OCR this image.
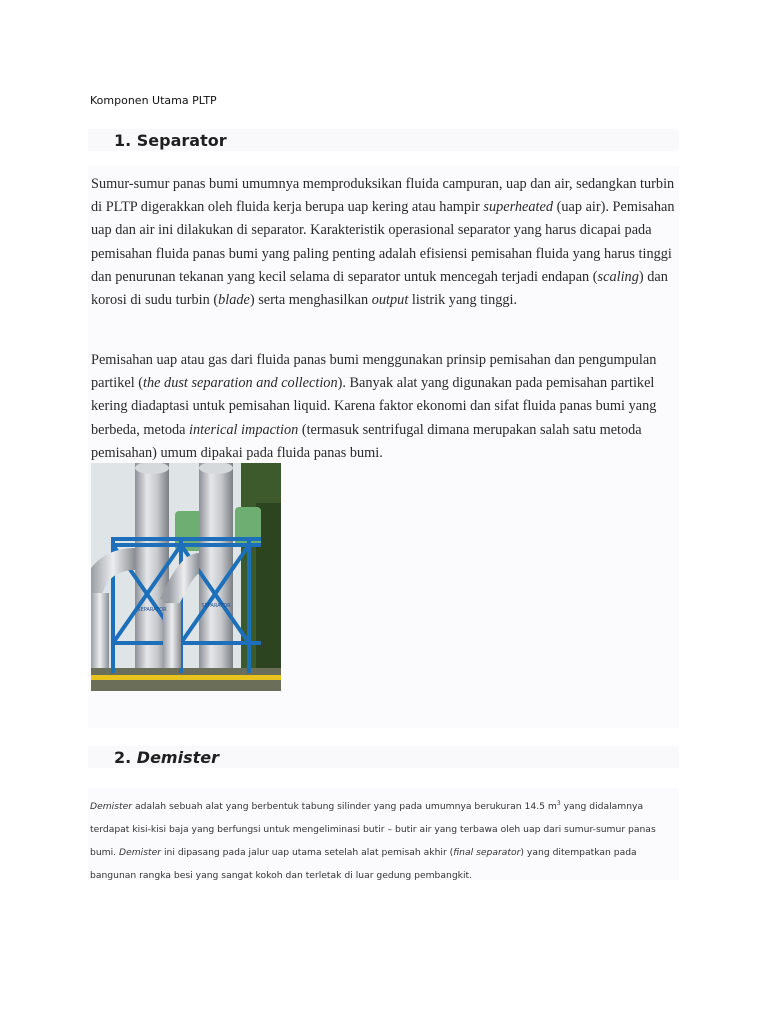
Komponen Utama PLTP
1. Separator

Sumur-sumur panas bumi umumnya memproduksikan fluida campuran, uap dan air, sedangkan turbin di PLTP digerakkan oleh fluida kerja berupa uap kering atau hampir superheated (uap air). Pemisahan uap dan air ini dilakukan di separator. Karakteristik operasional separator yang harus dicapai pada pemisahan fluida panas bumi yang paling penting adalah efisiensi pemisahan fluida yang harus tinggi dan penurunan tekanan yang kecil selama di separator untuk mencegah terjadi endapan (scaling) dan korosi di sudu turbin (blade) serta menghasilkan output listrik yang tinggi.

Pemisahan uap atau gas dari fluida panas bumi menggunakan prinsip pemisahan dan pengumpulan partikel (the dust separation and collection). Banyak alat yang digunakan pada pemisahan partikel kering diadaptasi untuk pemisahan liquid. Karena faktor ekonomi dan sifat fluida panas bumi yang berbeda, metoda interical impaction (termasuk sentrifugal dimana merupakan salah satu metoda pemisahan) umum dipakai pada fluida panas bumi.

SEPARATOR
SEPARATOR
2. Demister

Demister adalah sebuah alat yang berbentuk tabung silinder yang pada umumnya berukuran 14.5 $m^3$ yang didalamnya terdapat kisi-kisi baja yang berfungsi untuk mengeliminasi butir – butir air yang terbawa oleh uap dari sumur-sumur panas bumi. Demister ini dipasang pada jalur uap utama setelah alat pemisah akhir (final separator) yang ditempatkan pada bangunan rangka besi yang sangat kokoh dan terletak di luar gedung pembangkit.
